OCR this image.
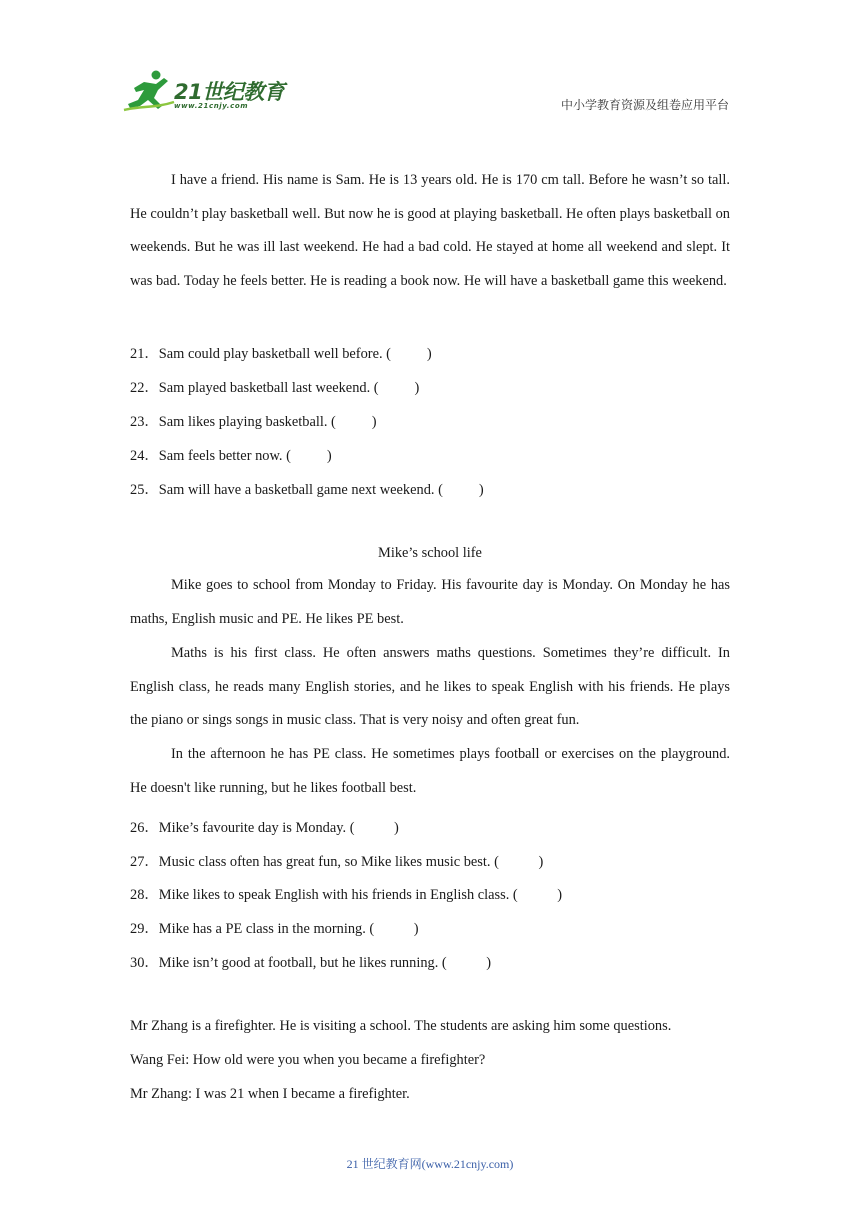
21世纪教育
www.21cnjy.com	中小学教育资源及组卷应用平台
I have a friend. His name is Sam. He is 13 years old. He is 170 cm tall. Before he wasn’t so tall. He couldn’t play basketball well. But now he is good at playing basketball. He often plays basketball on weekends. But he was ill last weekend. He had a bad cold. He stayed at home all weekend and slept. It was bad. Today he feels better. He is reading a book now. He will have a basketball game this weekend.
21．Sam could play basketball well before. (          )
22．Sam played basketball last weekend. (          )
23．Sam likes playing basketball. (          )
24．Sam feels better now. (          )
25．Sam will have a basketball game next weekend. (          )
Mike’s school life
Mike goes to school from Monday to Friday. His favourite day is Monday. On Monday he has maths, English music and PE. He likes PE best.
Maths is his first class. He often answers maths questions. Sometimes they’re difficult. In English class, he reads many English stories, and he likes to speak English with his friends. He plays the piano or sings songs in music class. That is very noisy and often great fun.
In the afternoon he has PE class. He sometimes plays football or exercises on the playground. He doesn't like running, but he likes football best.
26．Mike’s favourite day is Monday. (           )
27．Music class often has great fun, so Mike likes music best. (           )
28．Mike likes to speak English with his friends in English class. (           )
29．Mike has a PE class in the morning. (           )
30．Mike isn’t good at football, but he likes running. (           )
Mr Zhang is a firefighter. He is visiting a school. The students are asking him some questions.
Wang Fei: How old were you when you became a firefighter?
Mr Zhang: I was 21 when I became a firefighter.
21 世纪教育网(www.21cnjy.com)
